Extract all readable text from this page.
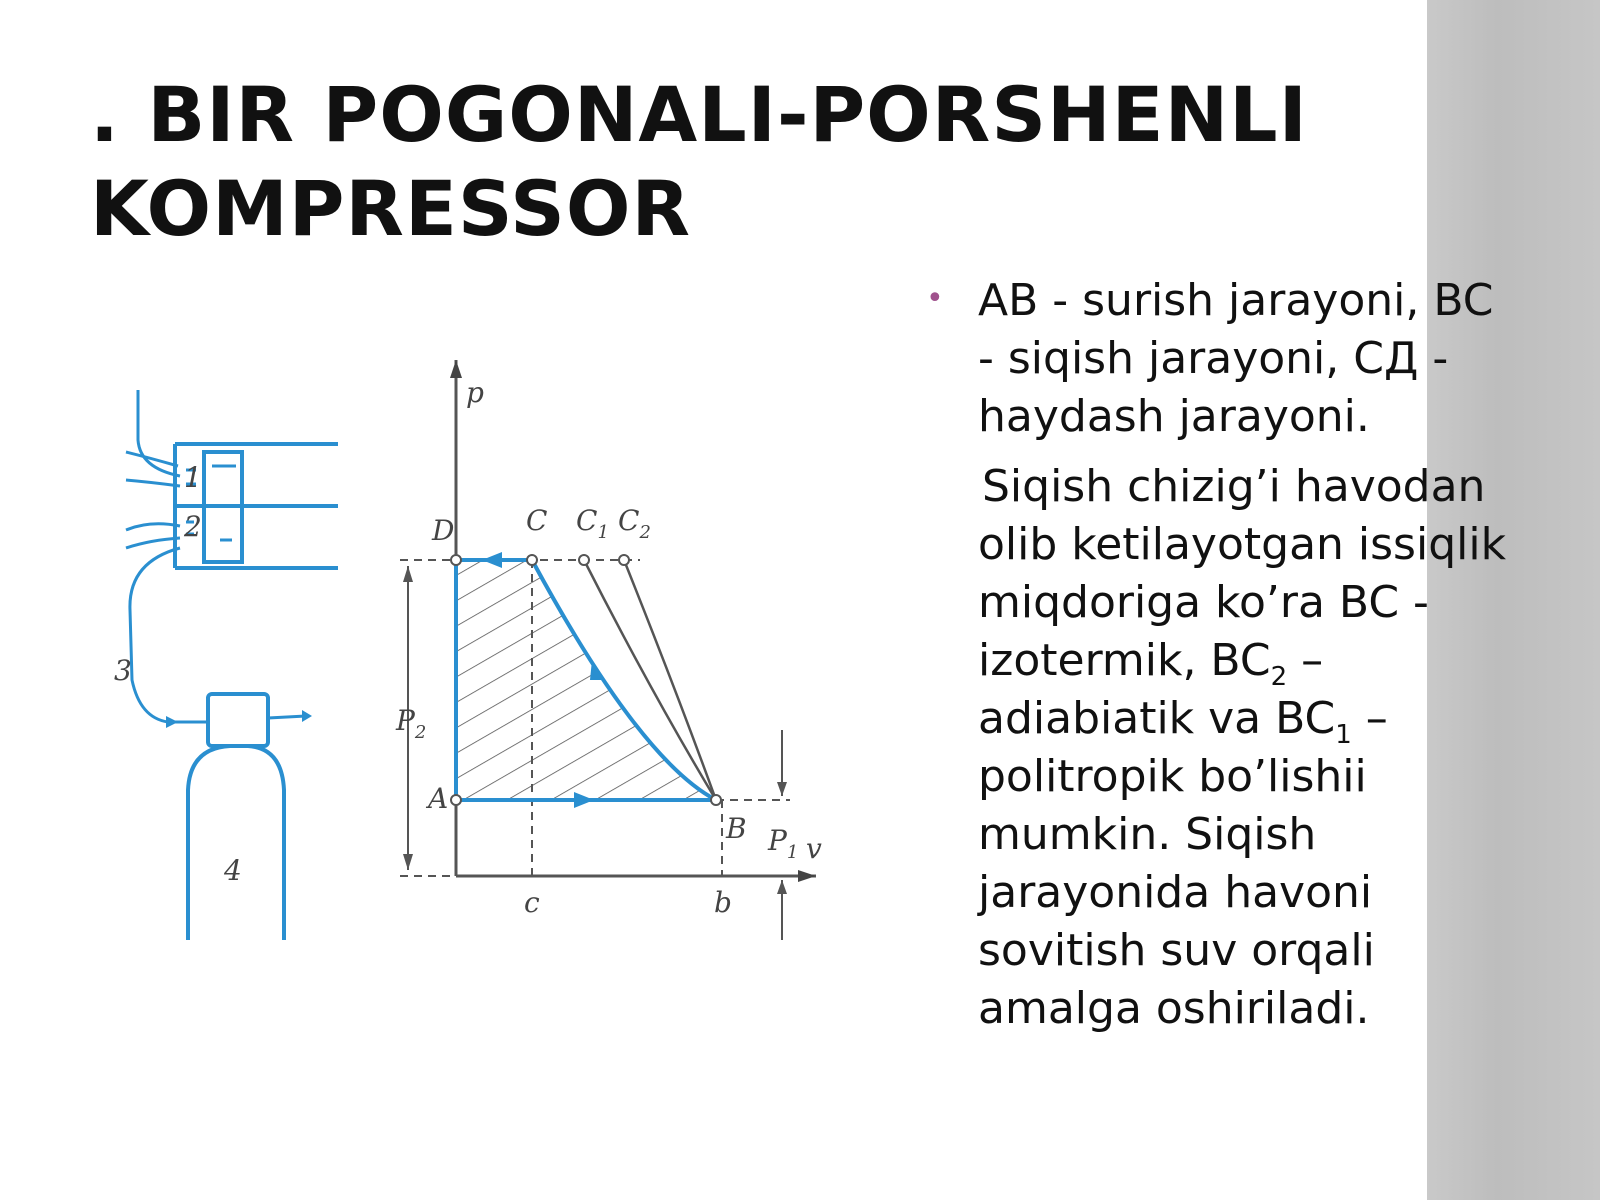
. BIR POGONALI-PORSHENLI
KOMPRESSOR
1
2
3
4
p
v
D	C $C_1$ $C_2$
A
B
$P_2$
$P_1$
c	b
• AB - surish jarayoni, BC - siqish jarayoni, СД - haydash jarayoni.
Siqish chizig’i havodan olib ketilayotgan issiqlik miqdoriga ko’ra BC - izotermik, $BC_2$ – adiabiatik va $BC_1$ – politropik bo’lishii mumkin. Siqish jarayonida havoni sovitish suv orqali amalga oshiriladi.
